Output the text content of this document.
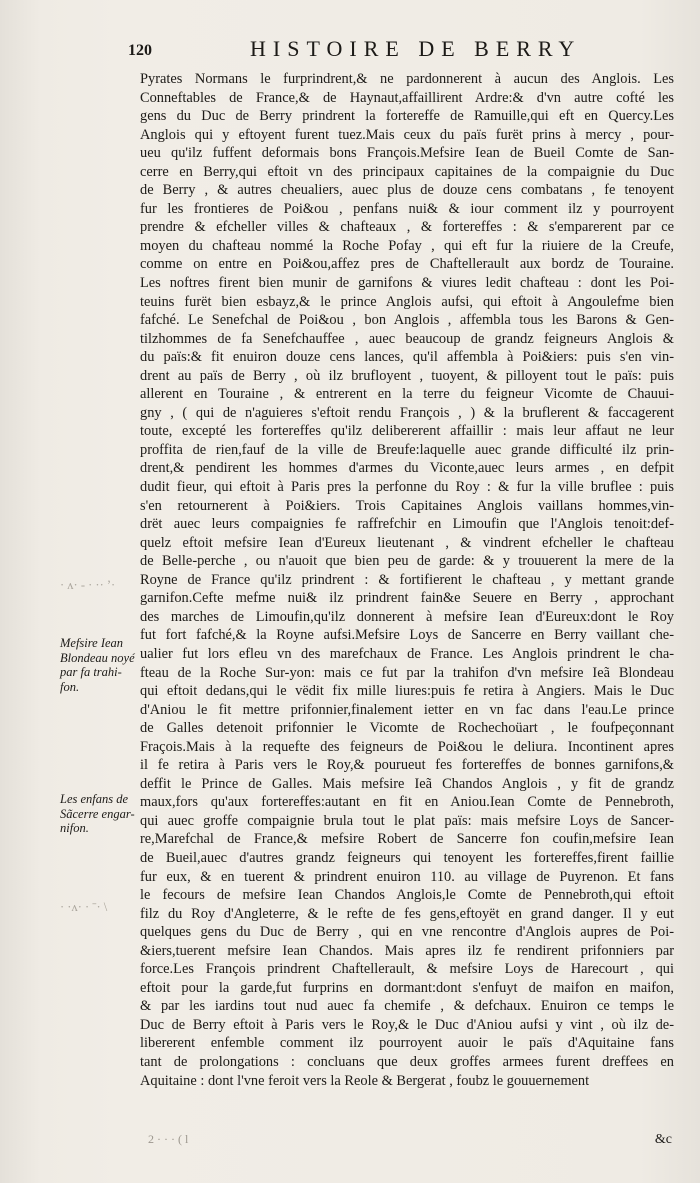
120	HISTOIRE DE BERRY
· ʌ· - · ·· ʼ·
Mefsire Iean
Blondeau noyé
par fa trahi-
fon.
Les enfans de
Sãcerre engar-
nifon.
· ·ʌ· · ˉ· \
Pyrates Normans le furprindrent,& ne pardonnerent à aucun des Anglois. Les
Conneftables de France,& de Haynaut,affaillirent Ardre:& d'vn autre cofté les
gens du Duc de Berry prindrent la fortereffe de Ramuille,qui eft en Quercy.Les
Anglois qui y eftoyent furent tuez.Mais ceux du païs furët prins à mercy , pour-
ueu qu'ilz fuffent deformais bons François.Mefsire Iean de Bueil Comte de San-
cerre en Berry,qui eftoit vn des principaux capitaines de la compaignie du Duc
de Berry , & autres cheualiers, auec plus de douze cens combatans , fe tenoyent
fur les frontieres de Poi&ou , penfans nui& & iour comment ilz y pourroyent
prendre & efcheller villes & chafteaux , & fortereffes : & s'emparerent par ce
moyen du chafteau nommé la Roche Pofay , qui eft fur la riuiere de la Creufe,
comme on entre en Poi&ou,affez pres de Chaftellerault aux bordz de Touraine.
Les noftres firent bien munir de garnifons & viures ledit chafteau : dont les Poi-
teuins furët bien esbayz,& le prince Anglois aufsi, qui eftoit à Angoulefme bien
fafché. Le Senefchal de Poi&ou , bon Anglois , affembla tous les Barons & Gen-
tilzhommes de fa Senefchauffee , auec beaucoup de grandz feigneurs Anglois &
du païs:& fit enuiron douze cens lances, qu'il affembla à Poi&iers: puis s'en vin-
drent au païs de Berry , où ilz brufloyent , tuoyent, & pilloyent tout le païs: puis
allerent en Touraine , & entrerent en la terre du feigneur Vicomte de Chauui-
gny , ( qui de n'aguieres s'eftoit rendu François , ) & la bruflerent & faccagerent
toute, excepté les fortereffes qu'ilz delibererent affaillir : mais leur affaut ne leur
proffita de rien,fauf de la ville de Breufe:laquelle auec grande difficulté ilz prin-
drent,& pendirent les hommes d'armes du Viconte,auec leurs armes , en defpit
dudit fieur, qui eftoit à Paris pres la perfonne du Roy : & fur la ville bruflee : puis
s'en retournerent à Poi&iers. Trois Capitaines Anglois vaillans hommes,vin-
drët auec leurs compaignies fe raffrefchir en Limoufin que l'Anglois tenoit:def-
quelz eftoit mefsire Iean d'Eureux lieutenant , & vindrent efcheller le chafteau
de Belle-perche , ou n'auoit que bien peu de garde: & y trouuerent la mere de la
Royne de France qu'ilz prindrent : & fortifierent le chafteau , y mettant grande
garnifon.Cefte mefme nui& ilz prindrent fain&e Seuere en Berry , approchant
des marches de Limoufin,qu'ilz donnerent à mefsire Iean d'Eureux:dont le Roy
fut fort fafché,& la Royne aufsi.Mefsire Loys de Sancerre en Berry vaillant che-
ualier fut lors efleu vn des marefchaux de France. Les Anglois prindrent le cha-
fteau de la Roche Sur-yon: mais ce fut par la trahifon d'vn mefsire Ieã Blondeau
qui eftoit dedans,qui le vëdit fix mille liures:puis fe retira à Angiers. Mais le Duc
d'Aniou le fit mettre prifonnier,finalement ietter en vn fac dans l'eau.Le prince
de Galles detenoit prifonnier le Vicomte de Rochechoüart , le foufpeçonnant
Fraçois.Mais à la requefte des feigneurs de Poi&ou le deliura. Incontinent apres
il fe retira à Paris vers le Roy,& pourueut fes fortereffes de bonnes garnifons,&
deffit le Prince de Galles. Mais mefsire Ieã Chandos Anglois , y fit de grandz
maux,fors qu'aux fortereffes:autant en fit en Aniou.Iean Comte de Pennebroth,
qui auec groffe compaignie brula tout le plat païs: mais mefsire Loys de Sancer-
re,Marefchal de France,& mefsire Robert de Sancerre fon coufin,mefsire Iean
de Bueil,auec d'autres grandz feigneurs qui tenoyent les fortereffes,firent faillie
fur eux, & en tuerent & prindrent enuiron 110. au village de Puyrenon. Et fans
le fecours de mefsire Iean Chandos Anglois,le Comte de Pennebroth,qui eftoit
filz du Roy d'Angleterre, & le refte de fes gens,eftoyët en grand danger. Il y eut
quelques gens du Duc de Berry , qui en vne rencontre d'Anglois aupres de Poi-
&iers,tuerent mefsire Iean Chandos. Mais apres ilz fe rendirent prifonniers par
force.Les François prindrent Chaftellerault, & mefsire Loys de Harecourt , qui
eftoit pour la garde,fut furprins en dormant:dont s'enfuyt de maifon en maifon,
& par les iardins tout nud auec fa chemife , & defchaux. Enuiron ce temps le
Duc de Berry eftoit à Paris vers le Roy,& le Duc d'Aniou aufsi y vint , où ilz de-
libererent enfemble comment ilz pourroyent auoir le païs d'Aquitaine fans
tant de prolongations : concluans que deux groffes armees furent dreffees en
Aquitaine : dont l'vne feroit vers la Reole & Bergerat , foubz le gouuernement
2 · · · ( l	&c
